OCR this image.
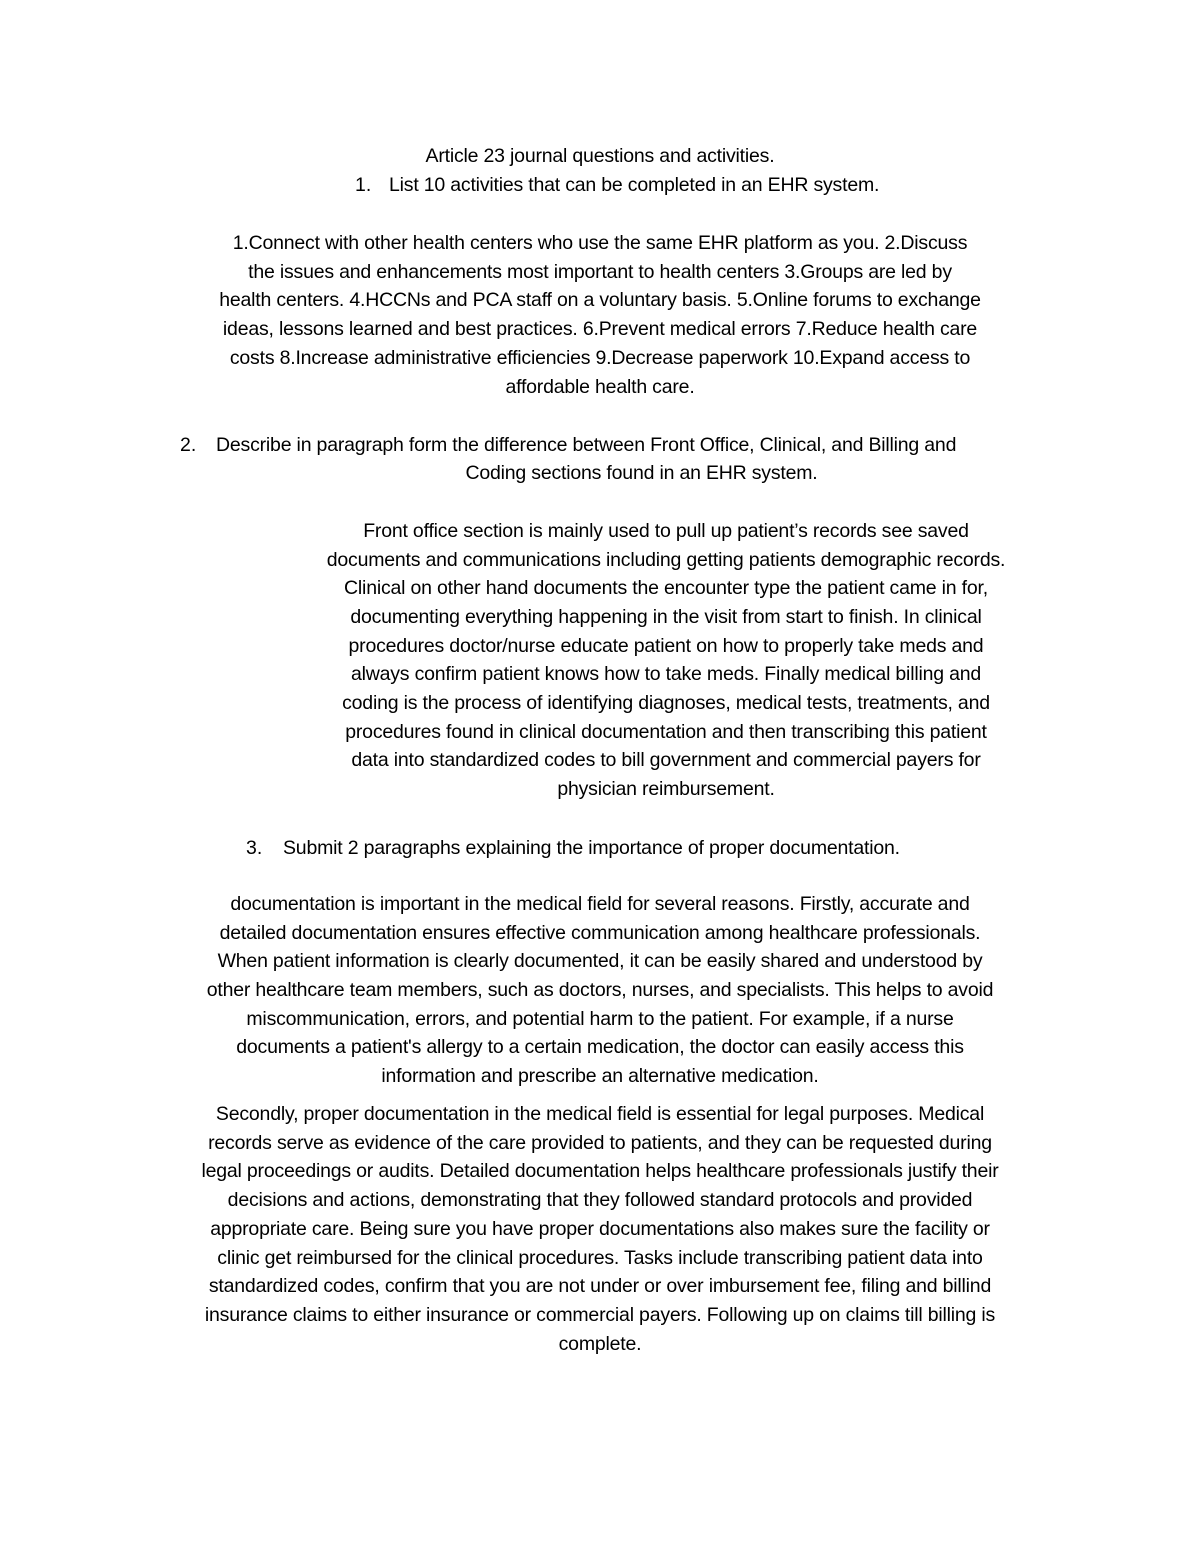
Article 23 journal questions and activities.
1. List 10 activities that can be completed in an EHR system.
1.Connect with other health centers who use the same EHR platform as you. 2.Discuss
the issues and enhancements most important to health centers 3.Groups are led by
health centers. 4.HCCNs and PCA staff on a voluntary basis. 5.Online forums to exchange
ideas, lessons learned and best practices. 6.Prevent medical errors 7.Reduce health care
costs 8.Increase administrative efficiencies 9.Decrease paperwork 10.Expand access to
affordable health care.
2. Describe in paragraph form the difference between Front Office, Clinical, and Billing and
Coding sections found in an EHR system.
Front office section is mainly used to pull up patient’s records see saved
documents and communications including getting patients demographic records.
Clinical on other hand documents the encounter type the patient came in for,
documenting everything happening in the visit from start to finish. In clinical
procedures doctor/nurse educate patient on how to properly take meds and
always confirm patient knows how to take meds. Finally medical billing and
coding is the process of identifying diagnoses, medical tests, treatments, and
procedures found in clinical documentation and then transcribing this patient
data into standardized codes to bill government and commercial payers for
physician reimbursement.
3. Submit 2 paragraphs explaining the importance of proper documentation.
documentation is important in the medical field for several reasons. Firstly, accurate and
detailed documentation ensures effective communication among healthcare professionals.
When patient information is clearly documented, it can be easily shared and understood by
other healthcare team members, such as doctors, nurses, and specialists. This helps to avoid
miscommunication, errors, and potential harm to the patient. For example, if a nurse
documents a patient's allergy to a certain medication, the doctor can easily access this
information and prescribe an alternative medication.
Secondly, proper documentation in the medical field is essential for legal purposes. Medical
records serve as evidence of the care provided to patients, and they can be requested during
legal proceedings or audits. Detailed documentation helps healthcare professionals justify their
decisions and actions, demonstrating that they followed standard protocols and provided
appropriate care. Being sure you have proper documentations also makes sure the facility or
clinic get reimbursed for the clinical procedures. Tasks include transcribing patient data into
standardized codes, confirm that you are not under or over imbursement fee, filing and billind
insurance claims to either insurance or commercial payers. Following up on claims till billing is
complete.
